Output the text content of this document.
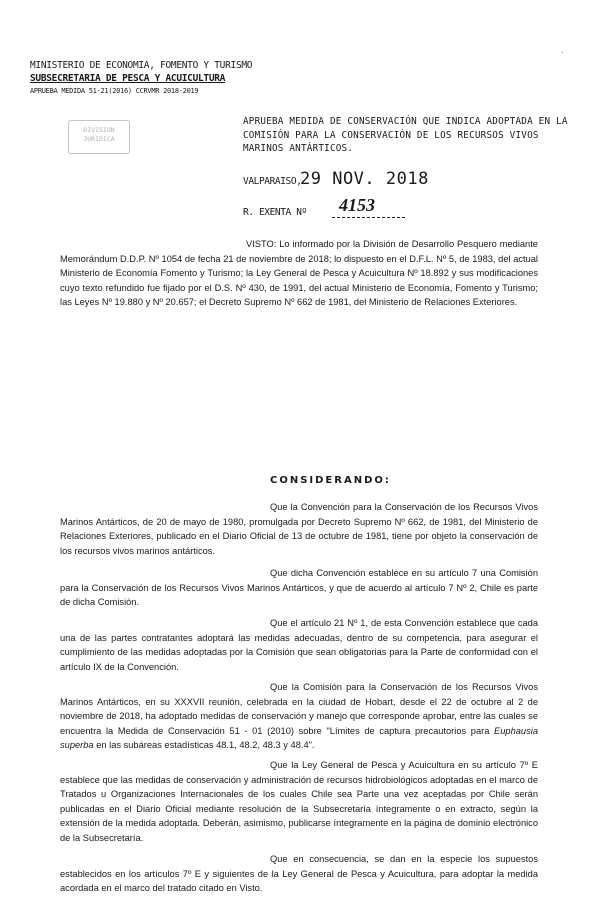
MINISTERIO DE ECONOMIA, FOMENTO Y TURISMO
SUBSECRETARIA DE PESCA Y ACUICULTURA
APRUEBA MEDIDA 51-21(2016) CCRVMR 2018-2019
DIVISION
JURIDICA
APRUEBA MEDIDA DE CONSERVACIÓN QUE INDICA ADOPTADA EN LA COMISIÓN PARA LA CONSERVACIÓN DE LOS RECURSOS VIVOS MARINOS ANTÁRTICOS.
VALPARAISO,
29 NOV. 2018
R. EXENTA Nº 4153
VISTO: Lo informado por la División de Desarrollo Pesquero mediante Memorándum D.D.P. Nº 1054 de fecha 21 de noviembre de 2018; lo dispuesto en el D.F.L. Nº 5, de 1983, del actual Ministerio de Economía Fomento y Turismo; la Ley General de Pesca y Acuicultura Nº 18.892 y sus modificaciones cuyo texto refundido fue fijado por el D.S. Nº 430, de 1991, del actual Ministerio de Economía, Fomento y Turismo; las Leyes Nº 19.880 y Nº 20.657; el Decreto Supremo Nº 662 de 1981, del Ministerio de Relaciones Exteriores.
CONSIDERANDO:
Que la Convención para la Conservación de los Recursos Vivos Marinos Antárticos, de 20 de mayo de 1980, promulgada por Decreto Supremo Nº 662, de 1981, del Ministerio de Relaciones Exteriores, publicado en el Diario Oficial de 13 de octubre de 1981, tiene por objeto la conservación de los recursos vivos marinos antárticos.
Que dicha Convención establece en su artículo 7 una Comisión para la Conservación de los Recursos Vivos Marinos Antárticos, y que de acuerdo al artículo 7 Nº 2, Chile es parte de dicha Comisión.
Que el artículo 21 Nº 1, de esta Convención establece que cada una de las partes contratantes adoptará las medidas adecuadas, dentro de su competencia, para asegurar el cumplimiento de las medidas adoptadas por la Comisión que sean obligatorias para la Parte de conformidad con el artículo IX de la Convención.
Que la Comisión para la Conservación de los Recursos Vivos Marinos Antárticos, en su XXXVII reunión, celebrada en la ciudad de Hobart, desde el 22 de octubre al 2 de noviembre de 2018, ha adoptado medidas de conservación y manejo que corresponde aprobar, entre las cuales se encuentra la Medida de Conservación 51 - 01 (2010) sobre "Límites de captura precautorios para Euphausia superba en las subáreas estadísticas 48.1, 48.2, 48.3 y 48.4".
Que la Ley General de Pesca y Acuicultura en su artículo 7º E establece que las medidas de conservación y administración de recursos hidrobiológicos adoptadas en el marco de Tratados u Organizaciones Internacionales de los cuales Chile sea Parte una vez aceptadas por Chile serán publicadas en el Diario Oficial mediante resolución de la Subsecretaría íntegramente o en extracto, según la extensión de la medida adoptada. Deberán, asimismo, publicarse íntegramente en la página de dominio electrónico de la Subsecretaría.
Que en consecuencia, se dan en la especie los supuestos establecidos en los artículos 7º E y siguientes de la Ley General de Pesca y Acuicultura, para adoptar la medida acordada en el marco del tratado citado en Visto.
